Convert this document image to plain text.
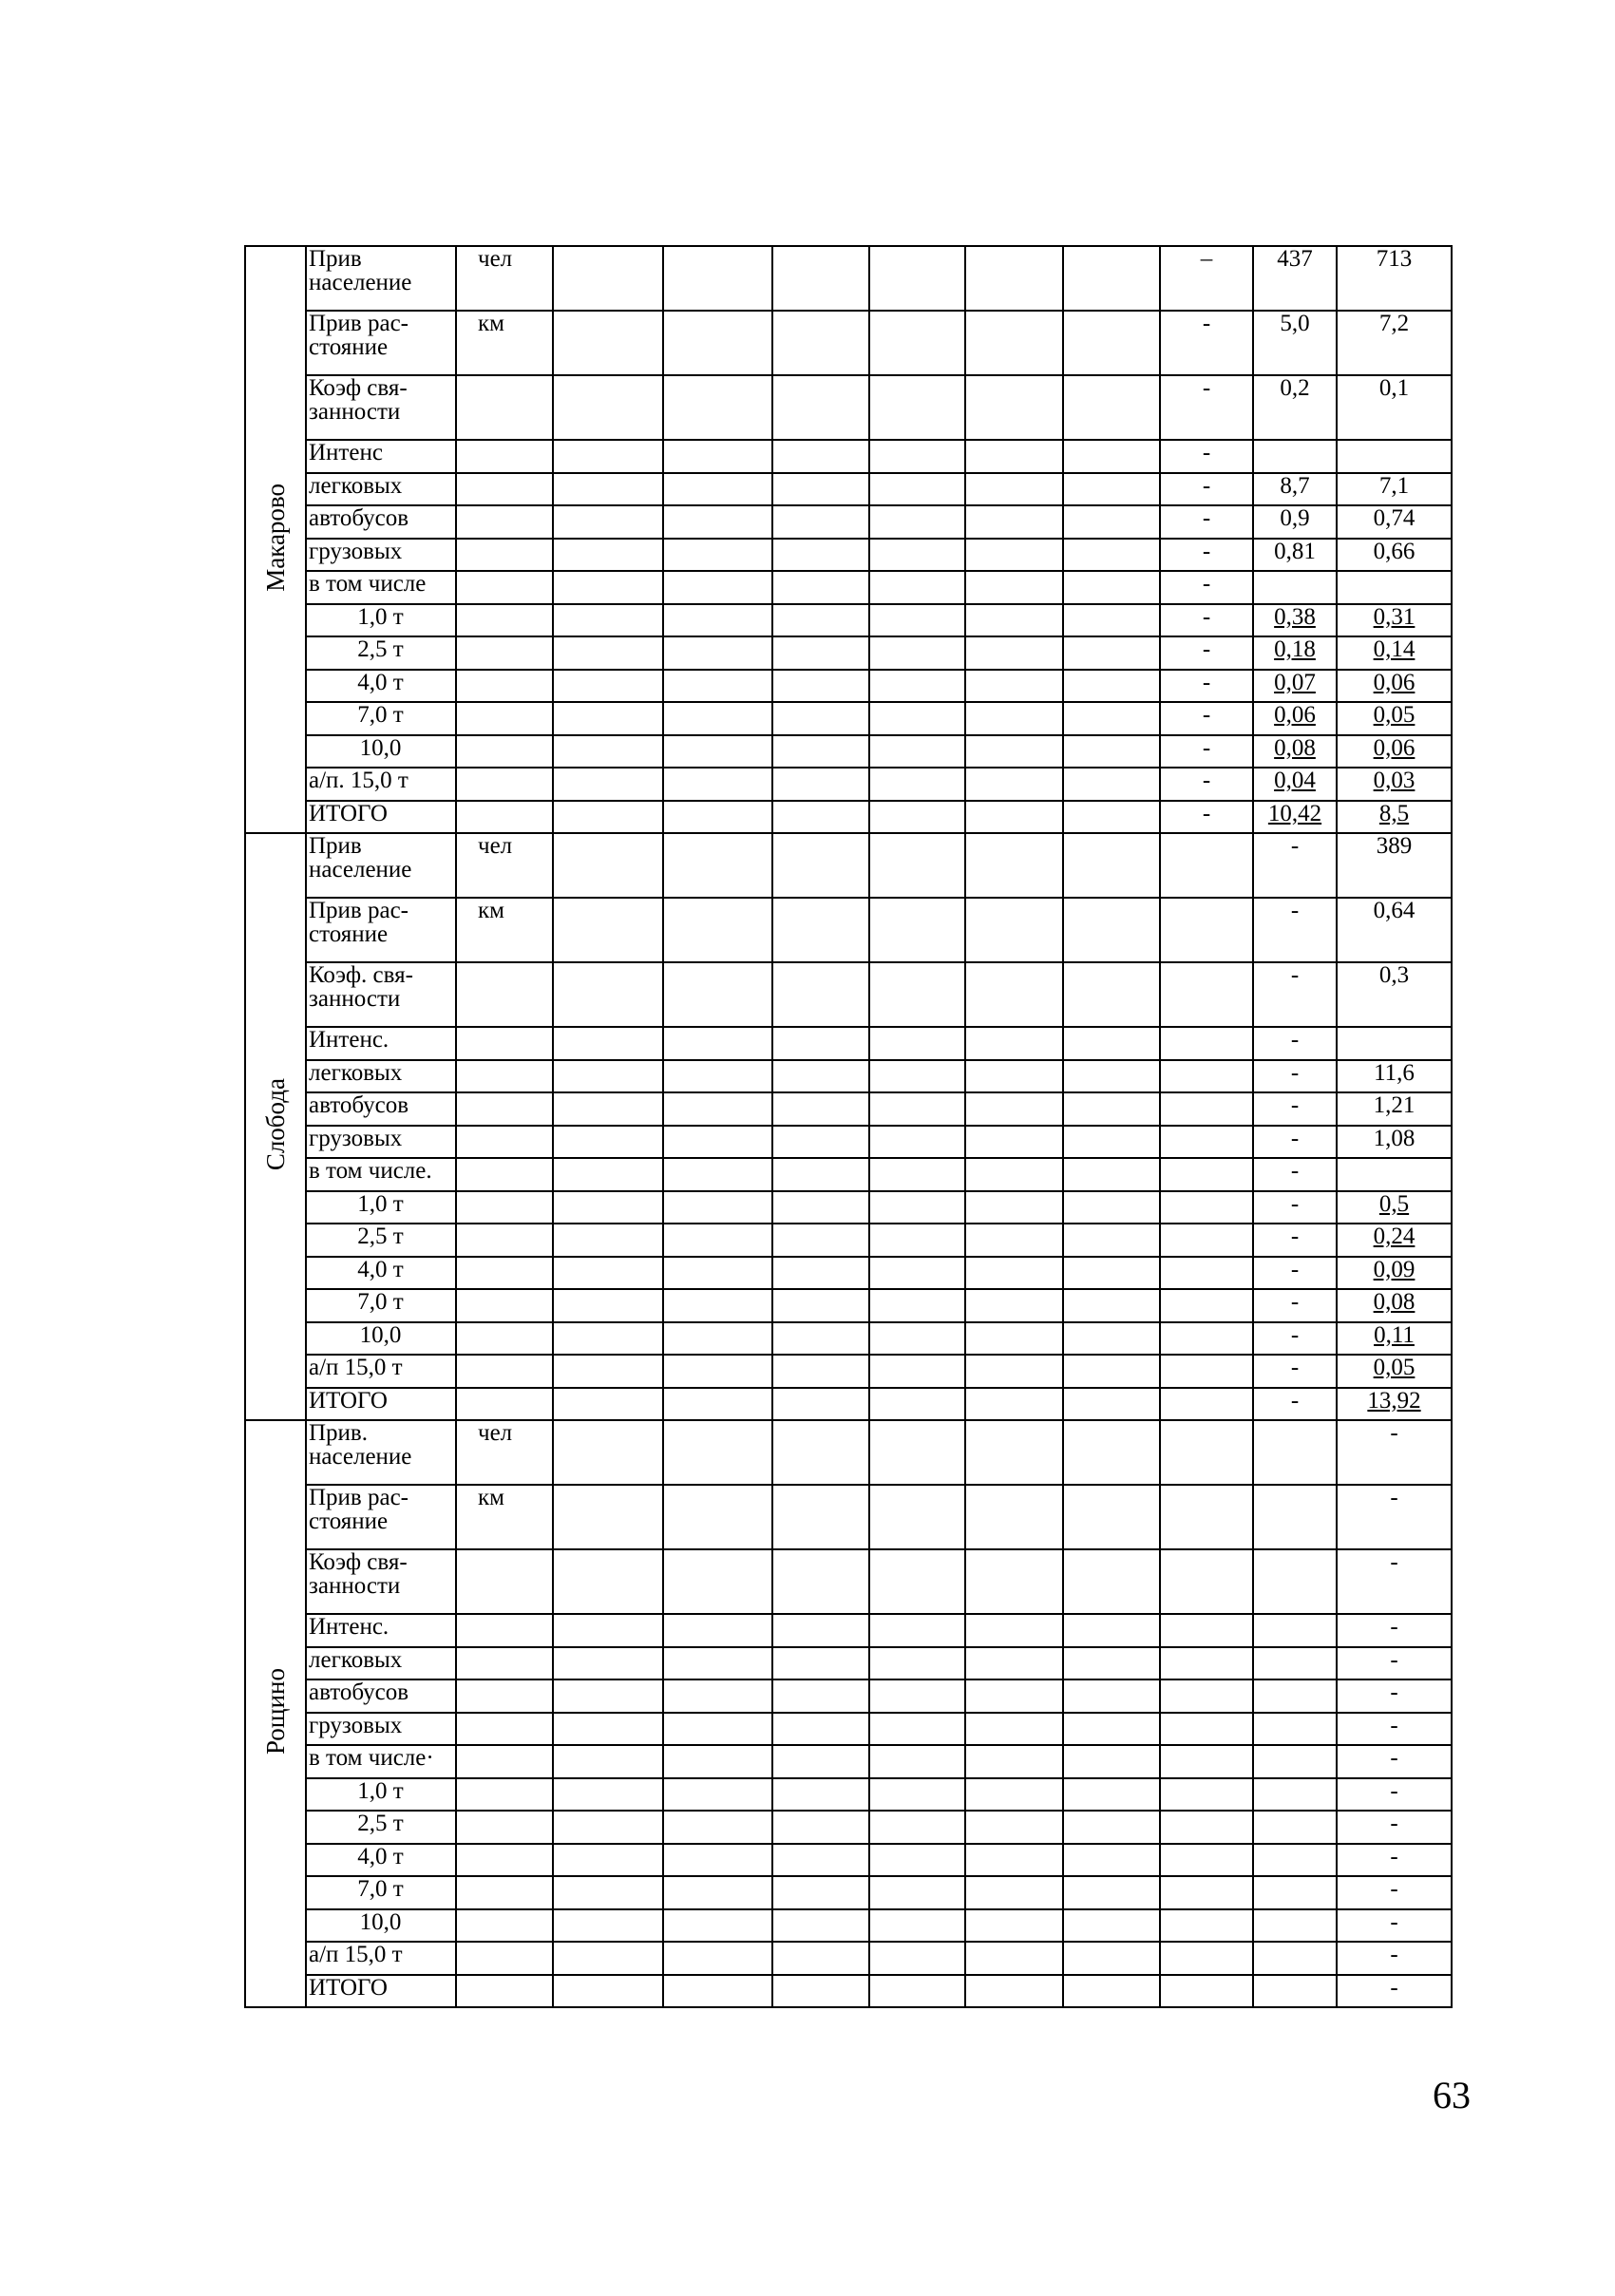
Макарово	Прив население	чел							–	437	713	
	Прив рас-стояние	км							-	5,0	7,2	
	Коэф свя-занности								-	0,2	0,1	
	Интенс								-			
	легковых								-	8,7	7,1	
	автобусов								-	0,9	0,74	
	грузовых								-	0,81	0,66	
	в том числе								-			
	1,0 т								-	0,38	0,31	
	2,5 т								-	0,18	0,14	
	4,0 т								-	0,07	0,06	
	7,0 т								-	0,06	0,05	
	10,0								-	0,08	0,06	
	а/п. 15,0 т								-	0,04	0,03	
	ИТОГО								-	10,42	8,5	
Слобода	Прив население	чел								-	389	
	Прив рас-стояние	км								-	0,64	
	Коэф. свя-занности									-	0,3	
	Интенс.									-		
	легковых									-	11,6	
	автобусов									-	1,21	
	грузовых									-	1,08	
	в том числе.									-		
	1,0 т									-	0,5	
	2,5 т									-	0,24	
	4,0 т									-	0,09	
	7,0 т									-	0,08	
	10,0									-	0,11	
	а/п 15,0 т									-	0,05	
	ИТОГО									-	13,92	
Рощино	Прив. население	чел									-	
	Прив рас-стояние	км									-	
	Коэф свя-занности										-	
	Интенс.										-	
	легковых										-	
	автобусов										-	
	грузовых										-	
	в том числе·										-	
	1,0 т										-	
	2,5 т										-	
	4,0 т										-	
	7,0 т										-	
	10,0										-	
	а/п 15,0 т										-	
	ИТОГО										-	
63
